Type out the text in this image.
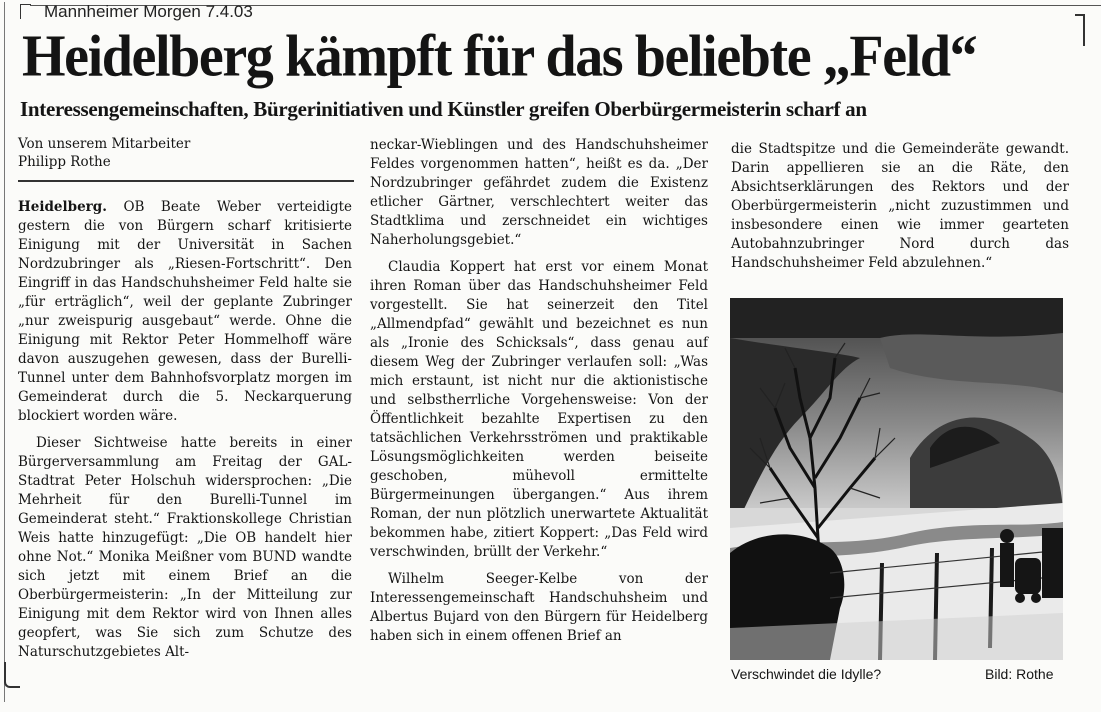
Mannheimer Morgen 7.4.03
Heidelberg kämpft für das beliebte „Feld“
Interessengemeinschaften, Bürgerinitiativen und Künstler greifen Oberbürgermeisterin scharf an
Von unserem Mitarbeiter
Philipp Rothe

Heidelberg. OB Beate Weber verteidigte gestern die von Bürgern scharf kritisierte Einigung mit der Universität in Sachen Nordzubringer als „Riesen-Fortschritt“. Den Eingriff in das Handschuhsheimer Feld halte sie „für erträglich“, weil der geplante Zubringer „nur zweispurig ausgebaut“ werde. Ohne die Einigung mit Rektor Peter Hommelhoff wäre davon auszugehen gewesen, dass der Burelli-Tunnel unter dem Bahnhofsvorplatz morgen im Gemeinderat durch die 5. Neckarquerung blockiert worden wäre.

Dieser Sichtweise hatte bereits in einer Bürgerversammlung am Freitag der GAL-Stadtrat Peter Holschuh widersprochen: „Die Mehrheit für den Burelli-Tunnel im Gemeinderat steht.“ Fraktionskollege Christian Weis hatte hinzugefügt: „Die OB handelt hier ohne Not.“ Monika Meißner vom BUND wandte sich jetzt mit einem Brief an die Oberbürgermeisterin: „In der Mitteilung zur Einigung mit dem Rektor wird von Ihnen alles geopfert, was Sie sich zum Schutze des Naturschutzgebietes Alt-

neckar-Wieblingen und des Handschuhsheimer Feldes vorgenommen hatten“, heißt es da. „Der Nordzubringer gefährdet zudem die Existenz etlicher Gärtner, verschlechtert weiter das Stadtklima und zerschneidet ein wichtiges Naherholungsgebiet.“

Claudia Koppert hat erst vor einem Monat ihren Roman über das Handschuhsheimer Feld vorgestellt. Sie hat seinerzeit den Titel „Allmendpfad“ gewählt und bezeichnet es nun als „Ironie des Schicksals“, dass genau auf diesem Weg der Zubringer verlaufen soll: „Was mich erstaunt, ist nicht nur die aktionistische und selbstherrliche Vorgehensweise: Von der Öffentlichkeit bezahlte Expertisen zu den tatsächlichen Verkehrsströmen und praktikable Lösungsmöglichkeiten werden beiseite geschoben, mühevoll ermittelte Bürgermeinungen übergangen.“ Aus ihrem Roman, der nun plötzlich unerwartete Aktualität bekommen habe, zitiert Koppert: „Das Feld wird verschwinden, brüllt der Verkehr.“

Wilhelm Seeger-Kelbe von der Interessengemeinschaft Handschuhsheim und Albertus Bujard von den Bürgern für Heidelberg haben sich in einem offenen Brief an

die Stadtspitze und die Gemeinderäte gewandt. Darin appellieren sie an die Räte, den Absichtserklärungen des Rektors und der Oberbürgermeisterin „nicht zuzustimmen und insbesondere einen wie immer gearteten Autobahnzubringer Nord durch das Handschuhsheimer Feld abzulehnen.“

Verschwindet die Idylle?	Bild: Rothe
